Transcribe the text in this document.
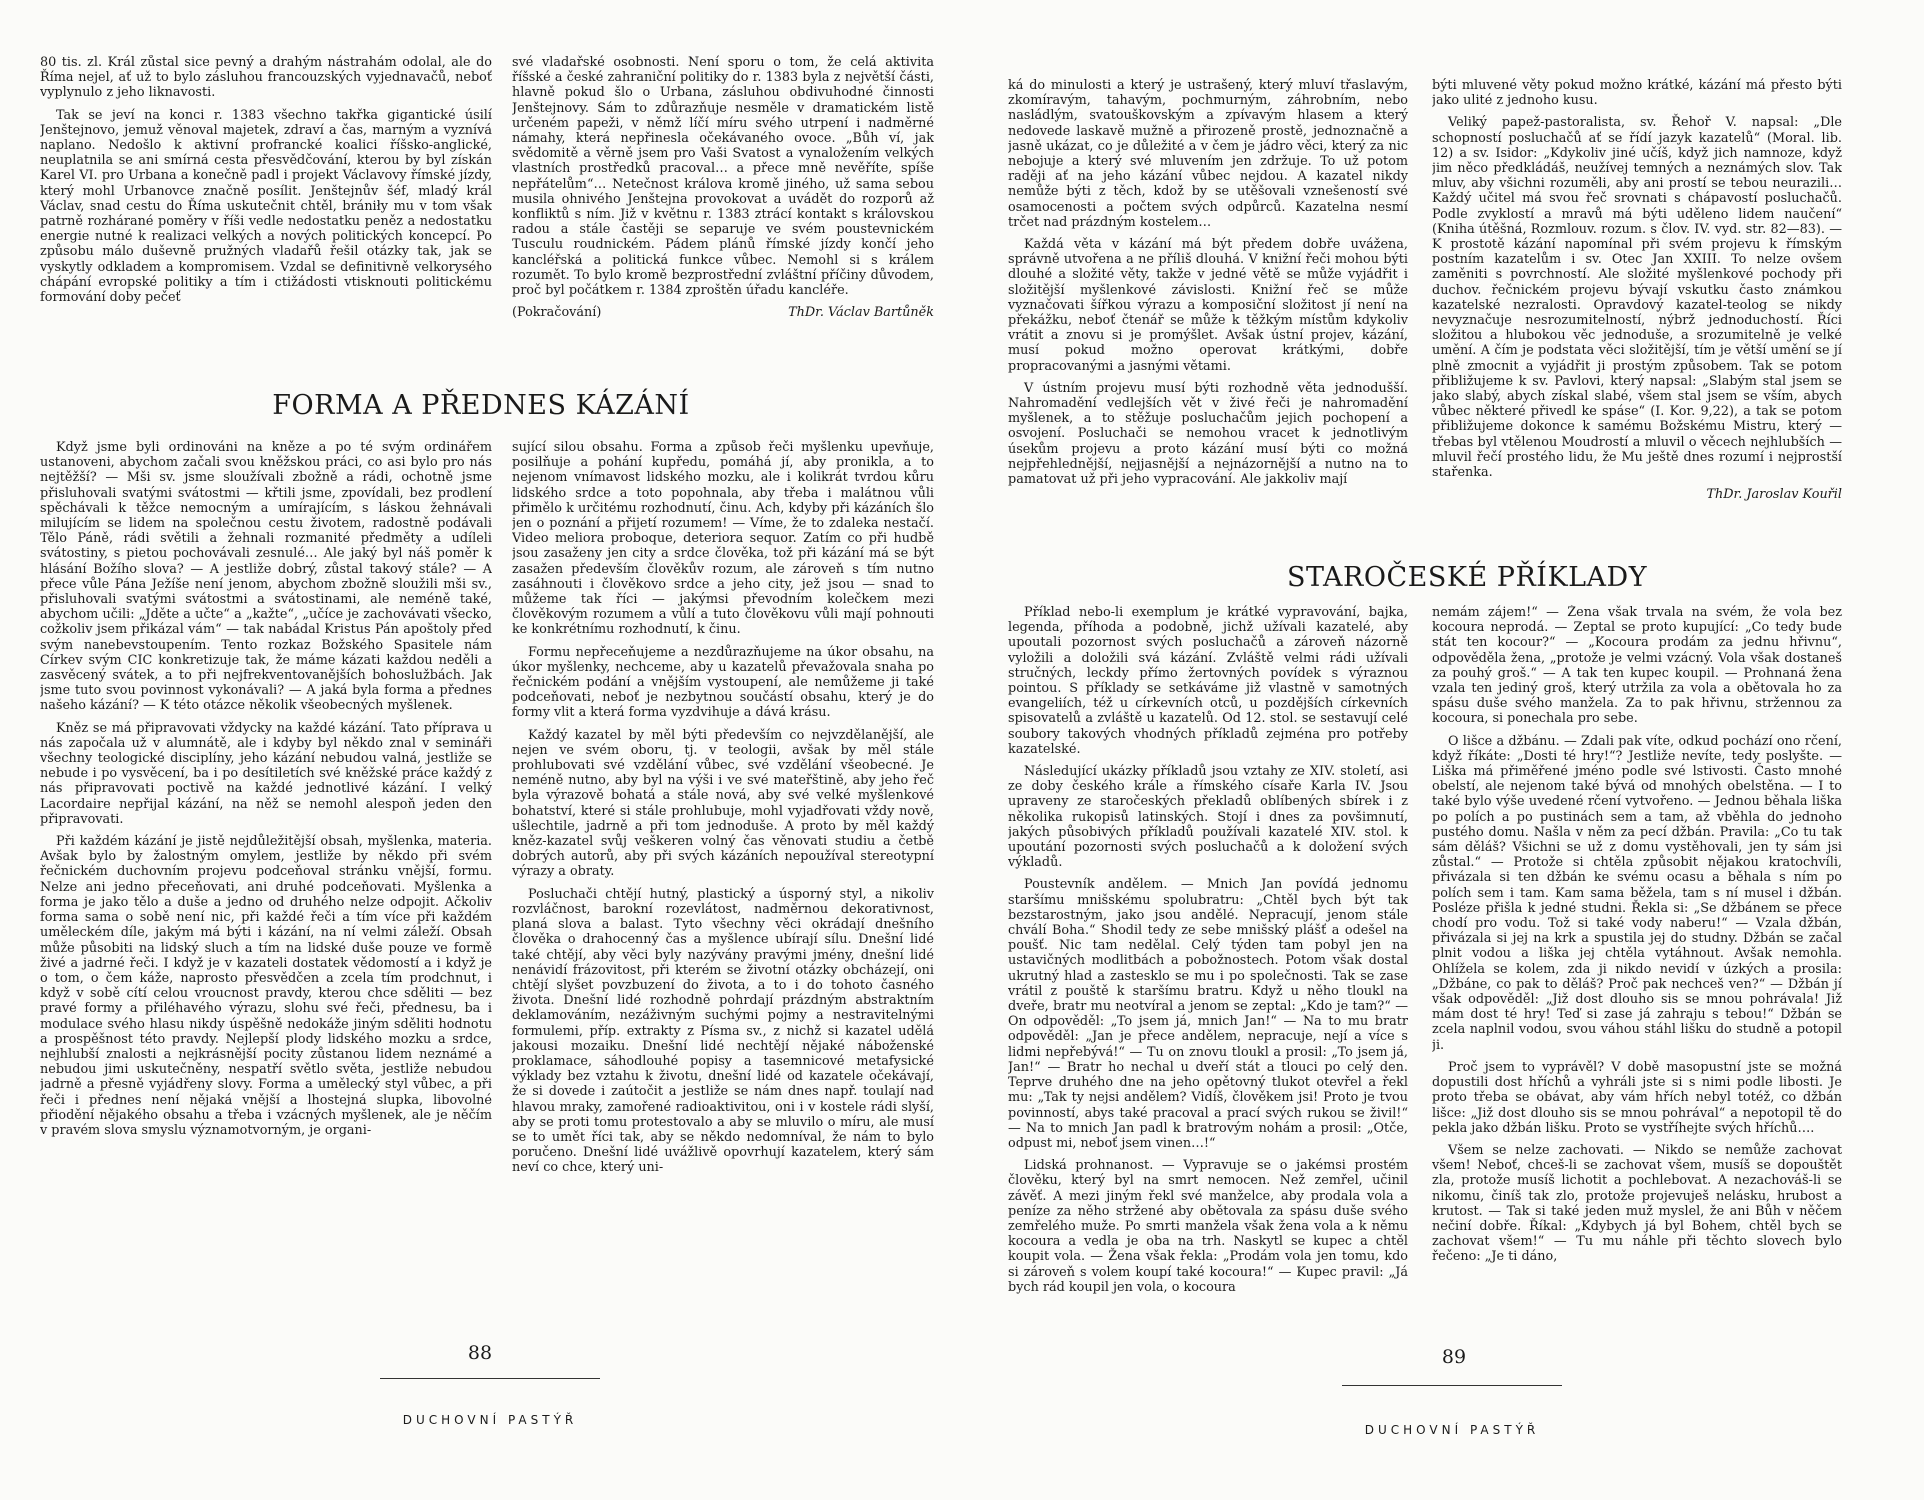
80 tis. zl. Král zůstal sice pevný a drahým nástrahám odolal, ale do Říma nejel, ať už to bylo zásluhou francouzských vyjednavačů, neboť vyplynulo z jeho liknavosti.

Tak se jeví na konci r. 1383 všechno takřka gigantické úsilí Jenštejnovo, jemuž věnoval majetek, zdraví a čas, marným a vyznívá naplano. Nedošlo k aktivní profrancké koalici říšsko-anglické, neuplatnila se ani smírná cesta přesvědčování, kterou by byl získán Karel VI. pro Urbana a konečně padl i projekt Václavovy římské jízdy, který mohl Urbanovce značně posílit. Jenštejnův šéf, mladý král Václav, snad cestu do Říma uskutečnit chtěl, brániły mu v tom však patrně rozhárané poměry v říši vedle nedostatku peněz a nedostatku energie nutné k realizaci velkých a nových politických koncepcí. Po způsobu málo duševně pružných vladařů řešil otázky tak, jak se vyskytly odkladem a kompromisem. Vzdal se definitivně velkorysého chápání evropské politiky a tím i ctižádosti vtisknouti politickému formování doby pečeť

své vladařské osobnosti. Není sporu o tom, že celá aktivita říšské a české zahraniční politiky do r. 1383 byla z největší části, hlavně pokud šlo o Urbana, zásluhou obdivuhodné činnosti Jenštejnovy. Sám to zdůrazňuje nesměle v dramatickém listě určeném papeži, v němž líčí míru svého utrpení i nadměrné námahy, která nepřinesla očekávaného ovoce. „Bůh ví, jak svědomitě a věrně jsem pro Vaši Svatost a vynaložením velkých vlastních prostředků pracoval… a přece mně nevěříte, spíše nepřátelům“… Netečnost králova kromě jiného, už sama sebou musila ohnivého Jenštejna provokovat a uvádět do rozporů až konfliktů s ním. Již v květnu r. 1383 ztrácí kontakt s královskou radou a stále častěji se separuje ve svém poustevnickém Tusculu roudnickém. Pádem plánů římské jízdy končí jeho kancléřská a politická funkce vůbec. Nemohl si s králem rozumět. To bylo kromě bezprostřední zvláštní příčiny důvodem, proč byl počátkem r. 1384 zproštěn úřadu kancléře.

(Pokračování)	ThDr. Václav Bartůněk
FORMA A PŘEDNES KÁZÁNÍ

Když jsme byli ordinováni na kněze a po té svým ordinářem ustanoveni, abychom začali svou kněžskou práci, co asi bylo pro nás nejtěžší? — Mši sv. jsme sloužívali zbožně a rádi, ochotně jsme přisluhovali svatými svátostmi — křtili jsme, zpovídali, bez prodlení spěchávali k těžce nemocným a umírajícím, s láskou žehnávali milujícím se lidem na společnou cestu životem, radostně podávali Tělo Páně, rádi světili a žehnali rozmanité předměty a udíleli svátostiny, s pietou pochovávali zesnulé… Ale jaký byl náš poměr k hlásání Božího slova? — A jestliže dobrý, zůstal takový stále? — A přece vůle Pána Ježíše není jenom, abychom zbožně sloužili mši sv., přisluhovali svatými svátostmi a svátostinami, ale neméně také, abychom učili: „Jděte a učte“ a „kažte“, „učíce je zachovávati všecko, cožkoliv jsem přikázal vám“ — tak nabádal Kristus Pán apoštoly před svým nanebevstoupením. Tento rozkaz Božského Spasitele nám Církev svým CIC konkretizuje tak, že máme kázati každou neděli a zasvěcený svátek, a to při nejfrekventovanějších bohoslužbách. Jak jsme tuto svou povinnost vykonávali? — A jaká byla forma a přednes našeho kázání? — K této otázce několik všeobecných myšlenek.

Kněz se má připravovati vždycky na každé kázání. Tato příprava u nás započala už v alumnátě, ale i kdyby byl někdo znal v semináři všechny teologické disciplíny, jeho kázání nebudou valná, jestliže se nebude i po vysvěcení, ba i po desítiletích své kněžské práce každý z nás připravovati poctivě na každé jednotlivé kázání. I velký Lacordaire nepřijal kázání, na něž se nemohl alespoň jeden den připravovati.

Při každém kázání je jistě nejdůležitější obsah, myšlenka, materia. Avšak bylo by žalostným omylem, jestliže by někdo při svém řečnickém duchovním projevu podceňoval stránku vnější, formu. Nelze ani jedno přeceňovati, ani druhé podceňovati. Myšlenka a forma je jako tělo a duše a jedno od druhého nelze odpojit. Ačkoliv forma sama o sobě není nic, při každé řeči a tím více při každém uměleckém díle, jakým má býti i kázání, na ní velmi záleží. Obsah může působiti na lidský sluch a tím na lidské duše pouze ve formě živé a jadrné řeči. I když je v kazateli dostatek vědomostí a i když je o tom, o čem káže, naprosto přesvědčen a zcela tím prodchnut, i když v sobě cítí celou vroucnost pravdy, kterou chce sděliti — bez pravé formy a přiléhavého výrazu, slohu své řeči, přednesu, ba i modulace svého hlasu nikdy úspěšně nedokáže jiným sděliti hodnotu a prospěšnost této pravdy. Nejlepší plody lidského mozku a srdce, nejhlubší znalosti a nejkrásnější pocity zůstanou lidem neznámé a nebudou jimi uskutečněny, nespatří světlo světa, jestliže nebudou jadrně a přesně vyjádřeny slovy. Forma a umělecký styl vůbec, a při řeči i přednes není nějaká vnější a lhostejná slupka, libovolné přiodění nějakého obsahu a třeba i vzácných myšlenek, ale je něčím v pravém slova smyslu významotvorným, je organi-

sující silou obsahu. Forma a způsob řeči myšlenku upevňuje, posilňuje a pohání kupředu, pomáhá jí, aby pronikla, a to nejenom vnímavost lidského mozku, ale i kolikrát tvrdou kůru lidského srdce a toto popohnala, aby třeba i malátnou vůli přimělo k určitému rozhodnutí, činu. Ach, kdyby při kázáních šlo jen o poznání a přijetí rozumem! — Víme, že to zdaleka nestačí. Video meliora proboque, deteriora sequor. Zatím co při hudbě jsou zasaženy jen city a srdce člověka, tož při kázání má se být zasažen především člověkův rozum, ale zároveň s tím nutno zasáhnouti i člověkovo srdce a jeho city, jež jsou — snad to můžeme tak říci — jakýmsi převodním kolečkem mezi člověkovým rozumem a vůlí a tuto člověkovu vůli mají pohnouti ke konkrétnímu rozhodnutí, k činu.

Formu nepřeceňujeme a nezdůrazňujeme na úkor obsahu, na úkor myšlenky, nechceme, aby u kazatelů převažovala snaha po řečnickém podání a vnějším vystoupení, ale nemůžeme ji také podceňovati, neboť je nezbytnou součástí obsahu, který je do formy vlit a která forma vyzdvihuje a dává krásu.

Každý kazatel by měl býti především co nejvzdělanější, ale nejen ve svém oboru, tj. v teologii, avšak by měl stále prohlubovati své vzdělání vůbec, své vzdělání všeobecné. Je neméně nutno, aby byl na výši i ve své mateřštině, aby jeho řeč byla výrazově bohatá a stále nová, aby své velké myšlenkové bohatství, které si stále prohlubuje, mohl vyjadřovati vždy nově, ušlechtile, jadrně a při tom jednoduše. A proto by měl každý kněz-kazatel svůj veškeren volný čas věnovati studiu a četbě dobrých autorů, aby při svých kázáních nepoužíval stereotypní výrazy a obraty.

Posluchači chtějí hutný, plastický a úsporný styl, a nikoliv rozvláčnost, barokní rozevlátost, nadměrnou dekorativnost, planá slova a balast. Tyto všechny věci okrádají dnešního člověka o drahocenný čas a myšlence ubírají sílu. Dnešní lidé také chtějí, aby věci byly nazývány pravými jmény, dnešní lidé nenávidí frázovitost, při kterém se životní otázky obcházejí, oni chtějí slyšet povzbuzení do života, a to i do tohoto časného života. Dnešní lidé rozhodně pohrdají prázdným abstraktním deklamováním, nezáživným suchými pojmy a nestravitelnými formulemi, příp. extrakty z Písma sv., z nichž si kazatel udělá jakousi mozaiku. Dnešní lidé nechtějí nějaké náboženské proklamace, sáhodlouhé popisy a tasemnicové metafysické výklady bez vztahu k životu, dnešní lidé od kazatele očekávají, že si dovede i zaútočit a jestliže se nám dnes např. toulají nad hlavou mraky, zamořené radioaktivitou, oni i v kostele rádi slyší, aby se proti tomu protestovalo a aby se mluvilo o míru, ale musí se to umět říci tak, aby se někdo nedomníval, že nám to bylo poručeno. Dnešní lidé uvážlivě opovrhují kazatelem, který sám neví co chce, který uni-

88
DUCHOVNÍ PASTÝŘ

ká do minulosti a který je ustrašený, který mluví třaslavým, zkomíravým, tahavým, pochmurným, záhrobním, nebo nasládlým, svatouškovským a zpívavým hlasem a který nedovede laskavě mužně a přirozeně prostě, jednoznačně a jasně ukázat, co je důležité a v čem je jádro věci, který za nic nebojuje a který své mluvením jen zdržuje. To už potom raději ať na jeho kázání vůbec nejdou. A kazatel nikdy nemůže býti z těch, kdož by se utěšovali vznešeností své osamocenosti a počtem svých odpůrců. Kazatelna nesmí trčet nad prázdným kostelem…

Každá věta v kázání má být předem dobře uvážena, správně utvořena a ne příliš dlouhá. V knižní řeči mohou býti dlouhé a složité věty, takže v jedné větě se může vyjádřit i složitější myšlenkové závislosti. Knižní řeč se může vyznačovati šířkou výrazu a komposiční složitost jí není na překážku, neboť čtenář se může k těžkým místům kdykoliv vrátit a znovu si je promýšlet. Avšak ústní projev, kázání, musí pokud možno operovat krátkými, dobře propracovanými a jasnými větami.

V ústním projevu musí býti rozhodně věta jednodušší. Nahromadění vedlejších vět v živé řeči je nahromadění myšlenek, a to stěžuje posluchačům jejich pochopení a osvojení. Posluchači se nemohou vracet k jednotlivým úsekům projevu a proto kázání musí býti co možná nejpřehlednější, nejjasnější a nejnázornější a nutno na to pamatovat už při jeho vypracování. Ale jakkoliv mají

býti mluvené věty pokud možno krátké, kázání má přesto býti jako ulité z jednoho kusu.

Veliký papež-pastoralista, sv. Řehoř V. napsal: „Dle schopností posluchačů ať se řídí jazyk kazatelů“ (Moral. lib. 12) a sv. Isidor: „Kdykoliv jiné učíš, když jich namnoze, když jim něco předkládáš, neužívej temných a neznámých slov. Tak mluv, aby všichni rozuměli, aby ani prostí se tebou neurazili… Každý učitel má svou řeč srovnati s chápavostí posluchačů. Podle zvyklostí a mravů má býti uděleno lidem naučení“ (Kniha útěšná, Rozmlouv. rozum. s člov. IV. vyd. str. 82—83). — K prostotě kázání napomínal při svém projevu k římským postním kazatelům i sv. Otec Jan XXIII. To nelze ovšem zaměniti s povrchností. Ale složité myšlenkové pochody při duchov. řečnickém projevu bývají vskutku často známkou kazatelské nezralosti. Opravdový kazatel-teolog se nikdy nevyznačuje nesrozumitelností, nýbrž jednoduchostí. Říci složitou a hlubokou věc jednoduše, a srozumitelně je velké umění. A čím je podstata věci složitější, tím je větší umění se jí plně zmocnit a vyjádřit ji prostým způsobem. Tak se potom přibližujeme k sv. Pavlovi, který napsal: „Slabým stal jsem se jako slabý, abych získal slabé, všem stal jsem se vším, abych vůbec některé přivedl ke spáse“ (I. Kor. 9,22), a tak se potom přibližujeme dokonce k samému Božskému Mistru, který — třebas byl vtělenou Moudrostí a mluvil o věcech nejhlubších — mluvil řečí prostého lidu, že Mu ještě dnes rozumí i nejprostší stařenka.

ThDr. Jaroslav Kouřil

STAROČESKÉ PŘÍKLADY

Příklad nebo-li exemplum je krátké vypravování, bajka, legenda, příhoda a podobně, jichž užívali kazatelé, aby upoutali pozornost svých posluchačů a zároveň názorně vyložili a doložili svá kázání. Zvláště velmi rádi užívali stručných, leckdy přímo žertovných povídek s výraznou pointou. S příklady se setkáváme již vlastně v samotných evangeliích, též u církevních otců, u pozdějších církevních spisovatelů a zvláště u kazatelů. Od 12. stol. se sestavují celé soubory takových vhodných příkladů zejména pro potřeby kazatelské.

Následující ukázky příkladů jsou vztahy ze XIV. století, asi ze doby českého krále a římského císaře Karla IV. Jsou upraveny ze staročeských překladů oblíbených sbírek i z několika rukopisů latinských. Stojí i dnes za povšimnutí, jakých působivých příkladů používali kazatelé XIV. stol. k upoutání pozornosti svých posluchačů a k doložení svých výkladů.

Poustevník andělem. — Mnich Jan povídá jednomu staršímu mnišskému spolubratru: „Chtěl bych být tak bezstarostným, jako jsou andělé. Nepracují, jenom stále chválí Boha.“ Shodil tedy ze sebe mnišský plášť a odešel na poušť. Nic tam nedělal. Celý týden tam pobyl jen na ustavičných modlitbách a pobožnostech. Potom však dostal ukrutný hlad a zastesklo se mu i po společnosti. Tak se zase vrátil z pouště k staršímu bratru. Když u něho tloukl na dveře, bratr mu neotvíral a jenom se zeptal: „Kdo je tam?“ — On odpověděl: „To jsem já, mnich Jan!“ — Na to mu bratr odpověděl: „Jan je přece andělem, nepracuje, nejí a více s lidmi nepřebývá!“ — Tu on znovu tloukl a prosil: „To jsem já, Jan!“ — Bratr ho nechal u dveří stát a tlouci po celý den. Teprve druhého dne na jeho opětovný tlukot otevřel a řekl mu: „Tak ty nejsi andělem? Vidíš, člověkem jsi! Proto je tvou povinností, abys také pracoval a prací svých rukou se živil!“ — Na to mnich Jan padl k bratrovým nohám a prosil: „Otče, odpust mi, neboť jsem vinen…!“

Lidská prohnanost. — Vypravuje se o jakémsi prostém člověku, který byl na smrt nemocen. Než zemřel, učinil závěť. A mezi jiným řekl své manželce, aby prodala vola a peníze za něho stržené aby obětovala za spásu duše svého zemřelého muže. Po smrti manžela však žena vola a k němu kocoura a vedla je oba na trh. Naskytl se kupec a chtěl koupit vola. — Žena však řekla: „Prodám vola jen tomu, kdo si zároveň s volem koupí také kocoura!“ — Kupec pravil: „Já bych rád koupil jen vola, o kocoura

nemám zájem!“ — Žena však trvala na svém, že vola bez kocoura neprodá. — Zeptal se proto kupující: „Co tedy bude stát ten kocour?“ — „Kocoura prodám za jednu hřivnu“, odpověděla žena, „protože je velmi vzácný. Vola však dostaneš za pouhý groš.“ — A tak ten kupec koupil. — Prohnaná žena vzala ten jediný groš, který utržila za vola a obětovala ho za spásu duše svého manžela. Za to pak hřivnu, stržennou za kocoura, si ponechala pro sebe.

O lišce a džbánu. — Zdali pak víte, odkud pochází ono rčení, když říkáte: „Dosti té hry!“? Jestliže nevíte, tedy poslyšte. — Liška má přiměřené jméno podle své lstivosti. Často mnohé obelstí, ale nejenom také bývá od mnohých obelstěna. — I to také bylo výše uvedené rčení vytvořeno. — Jednou běhala liška po polích a po pustinách sem a tam, až vběhla do jednoho pustého domu. Našla v něm za pecí džbán. Pravila: „Co tu tak sám děláš? Všichni se už z domu vystěhovali, jen ty sám jsi zůstal.“ — Protože si chtěla způsobit nějakou kratochvíli, přivázala si ten džbán ke svému ocasu a běhala s ním po polích sem i tam. Kam sama běžela, tam s ní musel i džbán. Posléze přišla k jedné studni. Řekla si: „Se džbánem se přece chodí pro vodu. Tož si také vody naberu!“ — Vzala džbán, přivázala si jej na krk a spustila jej do studny. Džbán se začal plnit vodou a liška jej chtěla vytáhnout. Avšak nemohla. Ohlížela se kolem, zda ji nikdo nevidí v úzkých a prosila: „Džbáne, co pak to děláš? Proč pak nechceš ven?“ — Džbán jí však odpověděl: „Již dost dlouho sis se mnou pohrávala! Již mám dost té hry! Teď si zase já zahraju s tebou!“ Džbán se zcela naplnil vodou, svou váhou stáhl lišku do studně a potopil ji.

Proč jsem to vyprávěl? V době masopustní jste se možná dopustili dost hříchů a vyhráli jste si s nimi podle libosti. Je proto třeba se obávat, aby vám hřích nebyl totéž, co džbán lišce: „Již dost dlouho sis se mnou pohrával“ a nepotopil tě do pekla jako džbán lišku. Proto se vystříhejte svých hříchů….

Všem se nelze zachovati. — Nikdo se nemůže zachovat všem! Neboť, chceš-li se zachovat všem, musíš se dopouštět zla, protože musíš lichotit a pochlebovat. A nezachováš-li se nikomu, činíš tak zlo, protože projevuješ nelásku, hrubost a krutost. — Tak si také jeden muž myslel, že ani Bůh v něčem nečiní dobře. Říkal: „Kdybych já byl Bohem, chtěl bych se zachovat všem!“ — Tu mu náhle při těchto slovech bylo řečeno: „Je ti dáno,

89
DUCHOVNÍ PASTÝŘ
